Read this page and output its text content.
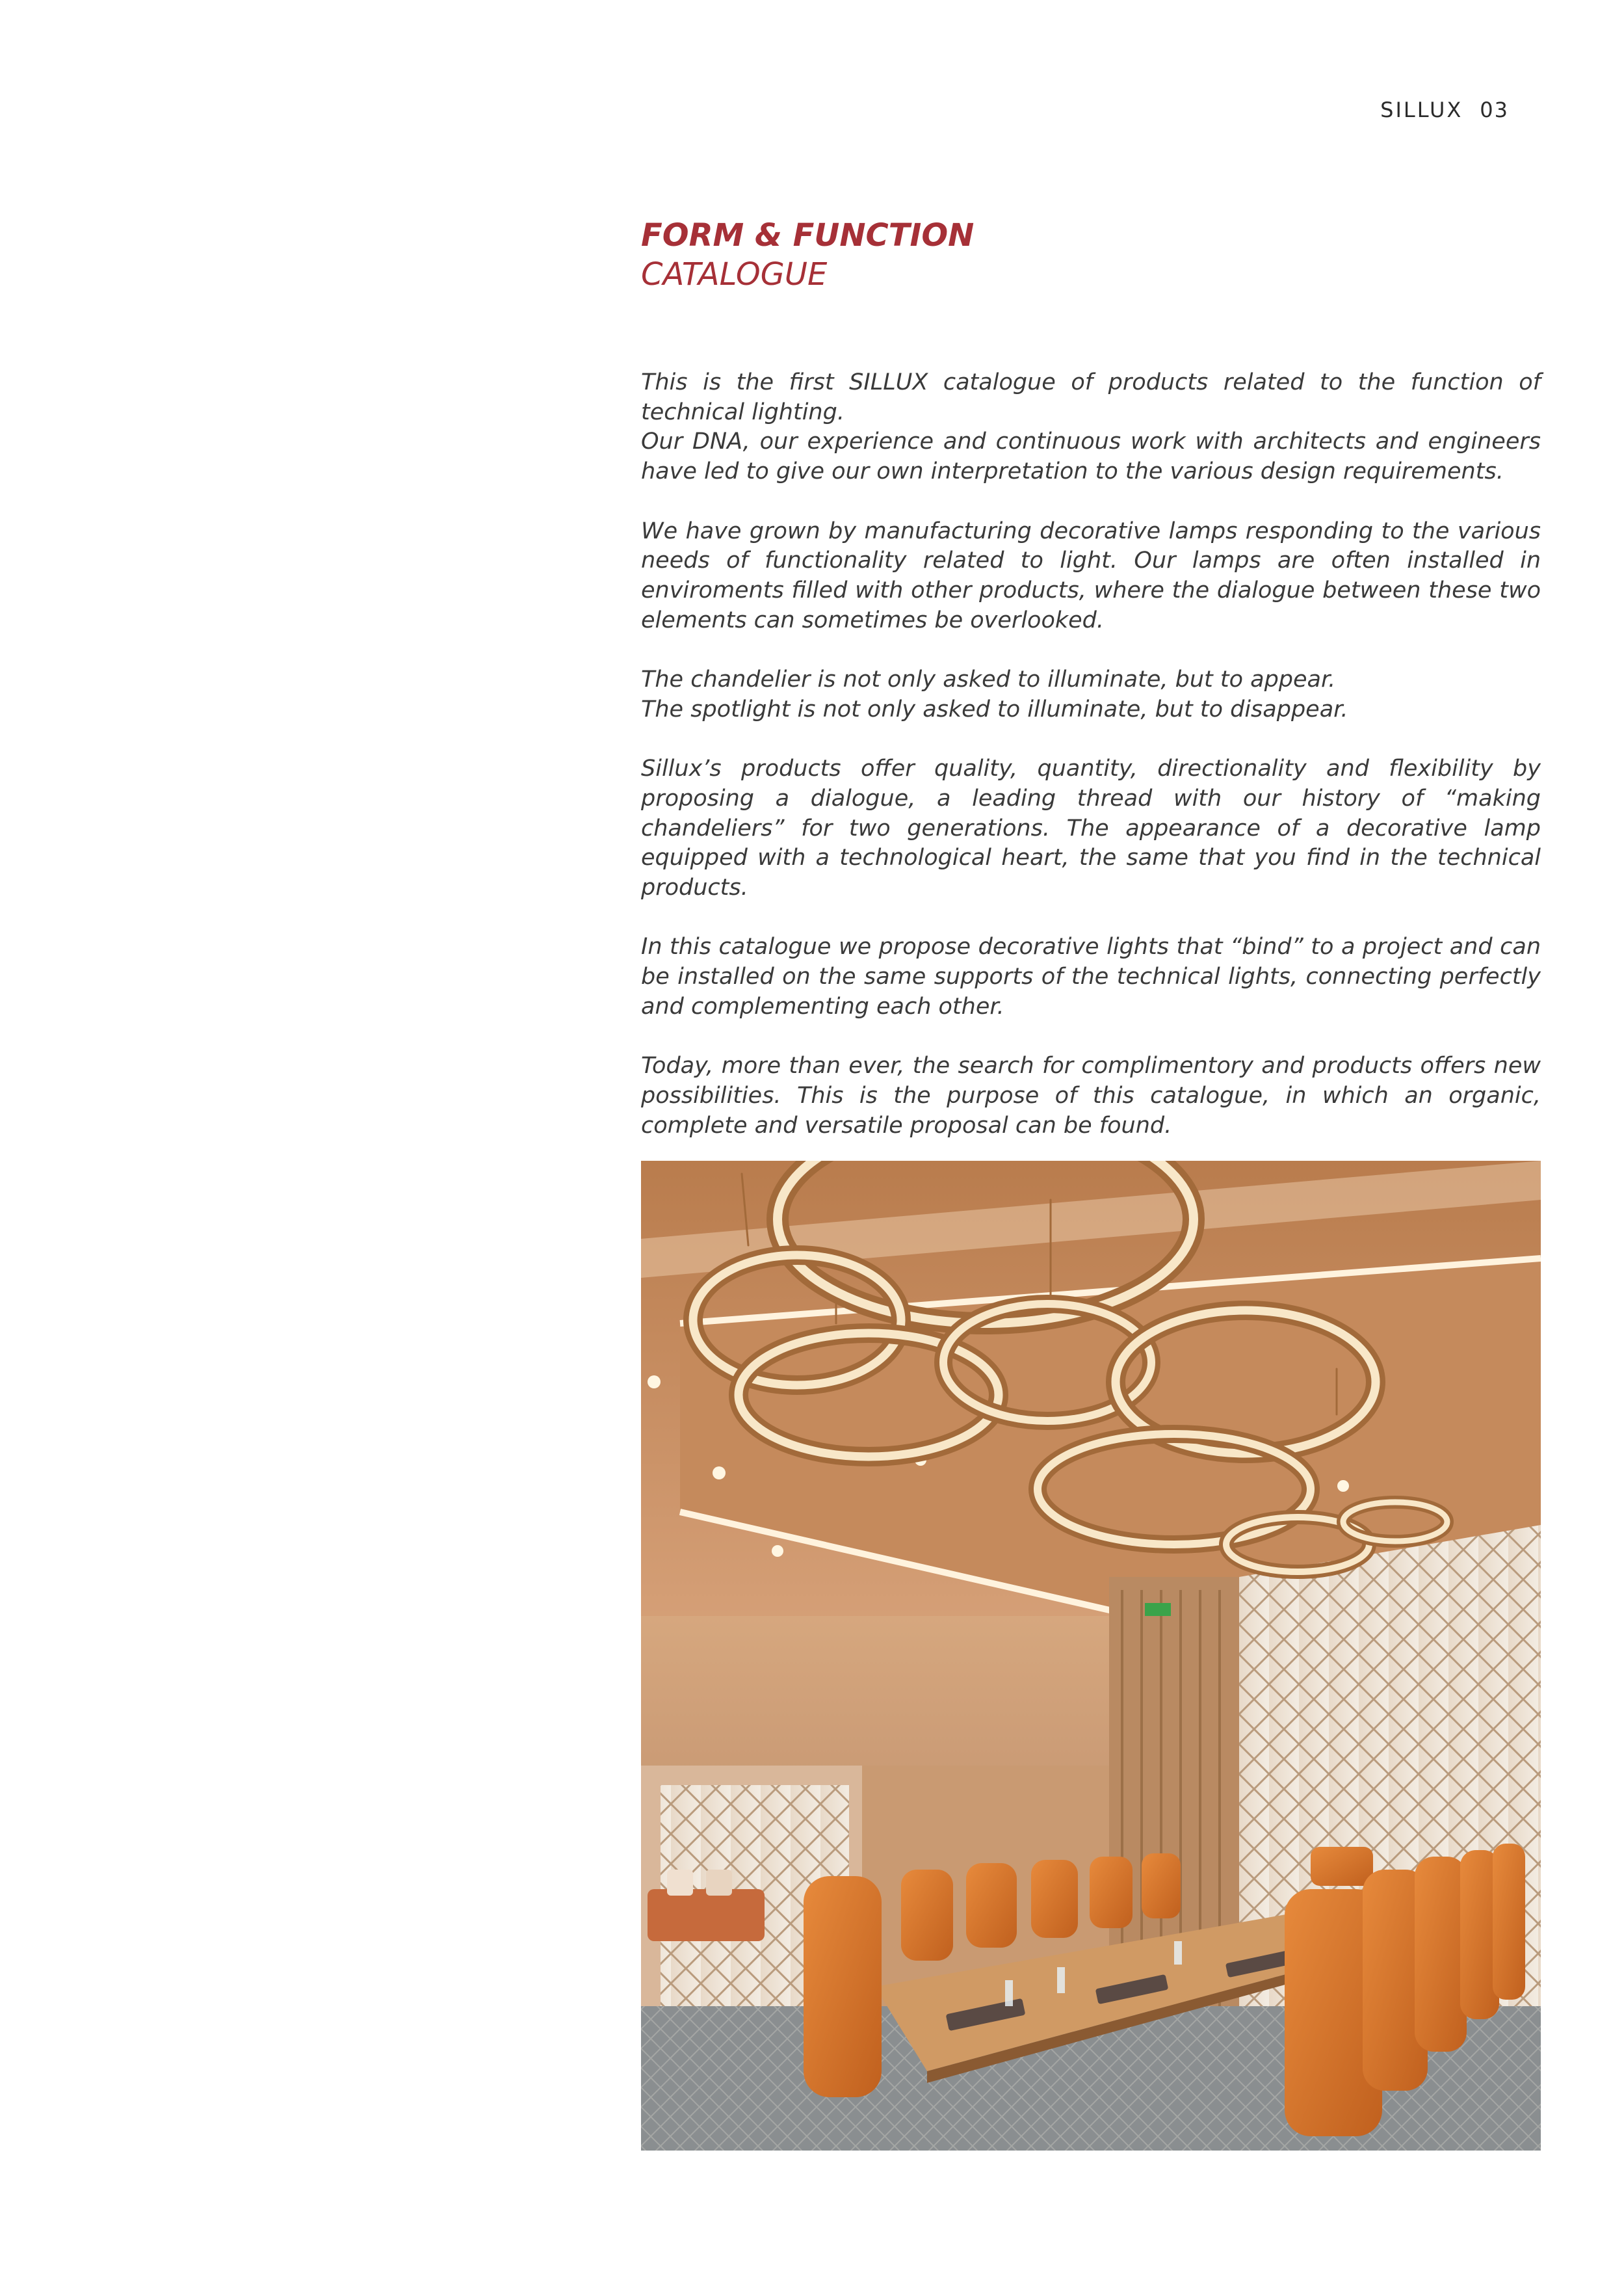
SILLUX 03
FORM & FUNCTION
CATALOGUE

This is the first SILLUX catalogue of products related to the function of technical lighting.
Our DNA, our experience and continuous work with architects and engineers have led to give our own interpretation to the various design requirements.

We have grown by manufacturing decorative lamps responding to the various needs of functionality related to light. Our lamps are often installed in enviroments filled with other products, where the dialogue between these two elements can sometimes be overlooked.

The chandelier is not only asked to illuminate, but to appear.
The spotlight is not only asked to illuminate, but to disappear.

Sillux’s products offer quality, quantity, directionality and flexibility by proposing a dialogue, a leading thread with our history of “making chandeliers” for two generations. The appearance of a decorative lamp equipped with a technological heart, the same that you find in the technical products.

In this catalogue we propose decorative lights that “bind” to a project and can be installed on the same supports of the technical lights, connecting perfectly and complementing each other.

Today, more than ever, the search for complimentory and products offers new possibilities. This is the purpose of this catalogue, in which an organic, complete and versatile proposal can be found.
